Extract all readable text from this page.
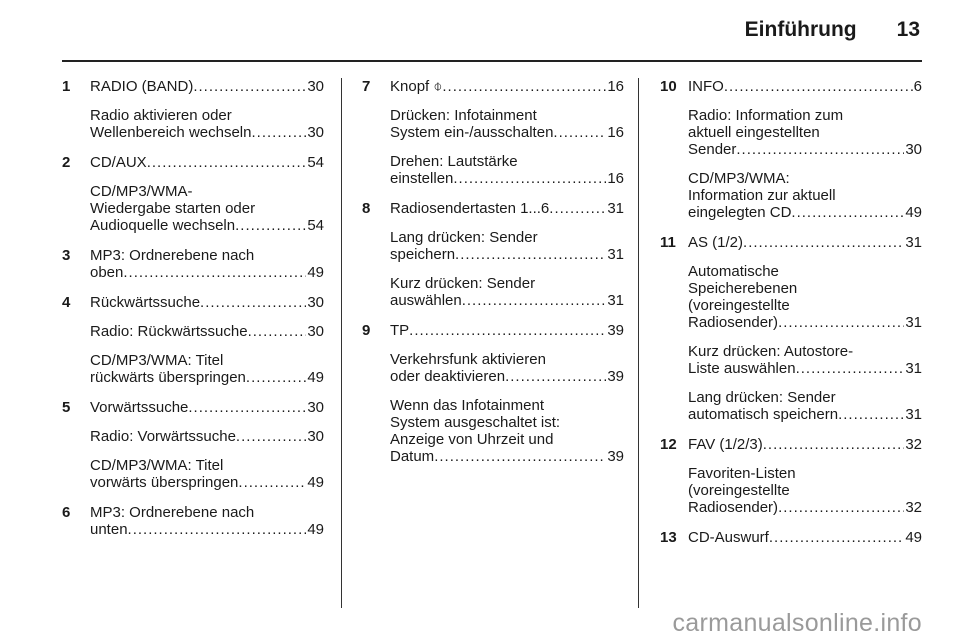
Einführung 13
1 RADIO (BAND) .....	30
Radio aktivieren oder
Wellenbereich wechseln .....	30
2 CD/AUX .....	54
CD/MP3/WMA-
Wiedergabe starten oder
Audioquelle wechseln .....	54
3 MP3: Ordnerebene nach
oben .....	49
4 Rückwärtssuche .....	30
Radio: Rückwärtssuche .....	30
CD/MP3/WMA: Titel
rückwärts überspringen .....	49
5 Vorwärtssuche .....	30
Radio: Vorwärtssuche .....	30
CD/MP3/WMA: Titel
vorwärts überspringen .....	49
6 MP3: Ordnerebene nach
unten .....	49
7 Knopf ⌽ .....	16
Drücken: Infotainment
System ein-/ausschalten .....	16
Drehen: Lautstärke
einstellen .....	16
8 Radiosendertasten 1...6 .....	31
Lang drücken: Sender
speichern .....	31
Kurz drücken: Sender
auswählen .....	31
9 TP .....	39
Verkehrsfunk aktivieren
oder deaktivieren .....	39
Wenn das Infotainment
System ausgeschaltet ist:
Anzeige von Uhrzeit und
Datum .....	39
10 INFO .....	6
Radio: Information zum
aktuell eingestellten
Sender .....	30
CD/MP3/WMA:
Information zur aktuell
eingelegten CD .....	49
11 AS (1/2) .....	31
Automatische
Speicherebenen
(voreingestellte
Radiosender) .....	31
Kurz drücken: Autostore-
Liste auswählen .....	31
Lang drücken: Sender
automatisch speichern .....	31
12 FAV (1/2/3) .....	32
Favoriten-Listen
(voreingestellte
Radiosender) .....	32
13 CD-Auswurf .....	49
carmanualsonline.info
